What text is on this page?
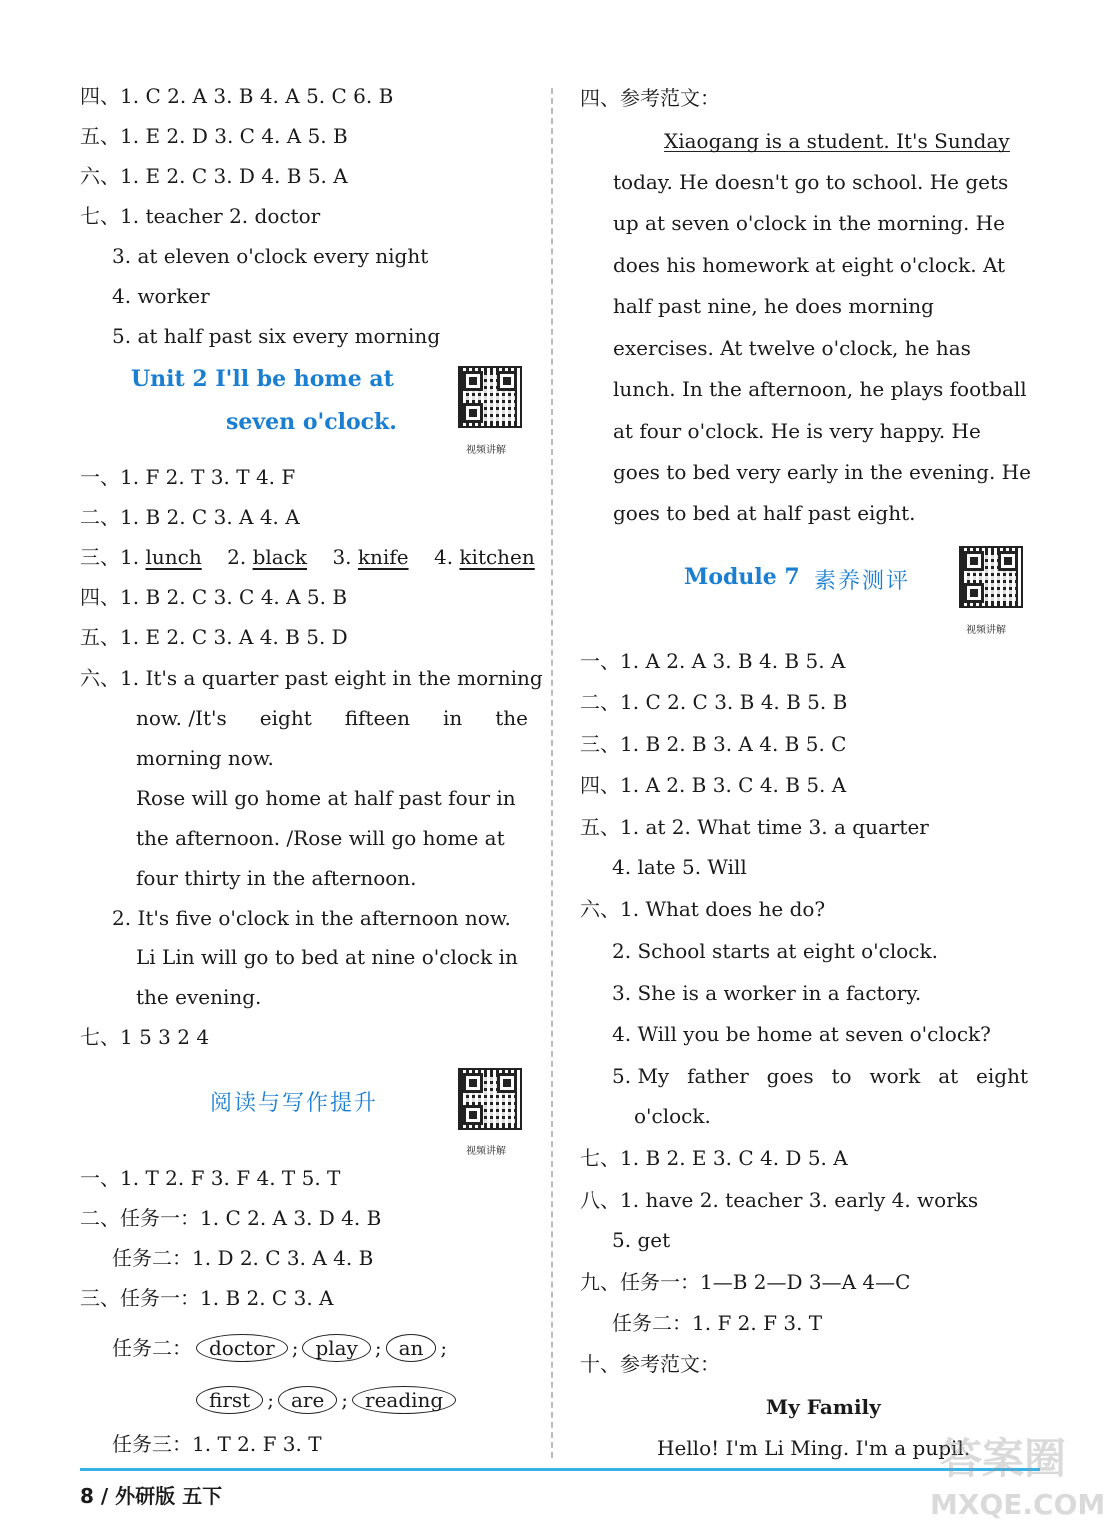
四、1. C 2. A 3. B 4. A 5. C 6. B
五、1. E 2. D 3. C 4. A 5. B
六、1. E 2. C 3. D 4. B 5. A
七、1. teacher 2. doctor
3. at eleven o'clock every night
4. worker
5. at half past six every morning
Unit 2 I'll be home at
seven o'clock.
视频讲解
一、1. F 2. T 3. T 4. F
二、1. B 2. C 3. A 4. A
三、1. lunch    2. black    3. knife    4. kitchen
四、1. B 2. C 3. C 4. A 5. B
五、1. E 2. C 3. A 4. B 5. D
六、1. It's a quarter past eight in the morning
now. /It's eight fifteen in the
morning now.
Rose will go home at half past four in
the afternoon. /Rose will go home at
four thirty in the afternoon.
2. It's five o'clock in the afternoon now.
Li Lin will go to bed at nine o'clock in
the evening.
七、1 5 3 2 4
阅读与写作提升
视频讲解
一、1. T 2. F 3. F 4. T 5. T
二、任务一：1. C 2. A 3. D 4. B
任务二：1. D 2. C 3. A 4. B
三、任务一：1. B 2. C 3. A
任务二： doctor ; play ; an ;
first ; are ; reading
任务三：1. T 2. F 3. T
四、参考范文：
Xiaogang is a student. It's Sunday
today. He doesn't go to school. He gets
up at seven o'clock in the morning. He
does his homework at eight o'clock. At
half past nine, he does morning
exercises. At twelve o'clock, he has
lunch. In the afternoon, he plays football
at four o'clock. He is very happy. He
goes to bed very early in the evening. He
goes to bed at half past eight.
Module 7 素养测评
视频讲解
一、1. A 2. A 3. B 4. B 5. A
二、1. C 2. C 3. B 4. B 5. B
三、1. B 2. B 3. A 4. B 5. C
四、1. A 2. B 3. C 4. B 5. A
五、1. at 2. What time 3. a quarter
4. late 5. Will
六、1. What does he do?
2. School starts at eight o'clock.
3. She is a worker in a factory.
4. Will you be home at seven o'clock?
5. My father goes to work at eight
o'clock.
七、1. B 2. E 3. C 4. D 5. A
八、1. have 2. teacher 3. early 4. works
5. get
九、任务一：1—B 2—D 3—A 4—C
任务二：1. F 2. F 3. T
十、参考范文：
My Family
Hello! I'm Li Ming. I'm a pupil.
8 / 外研版 五下
答案圈
MXQE.COM
